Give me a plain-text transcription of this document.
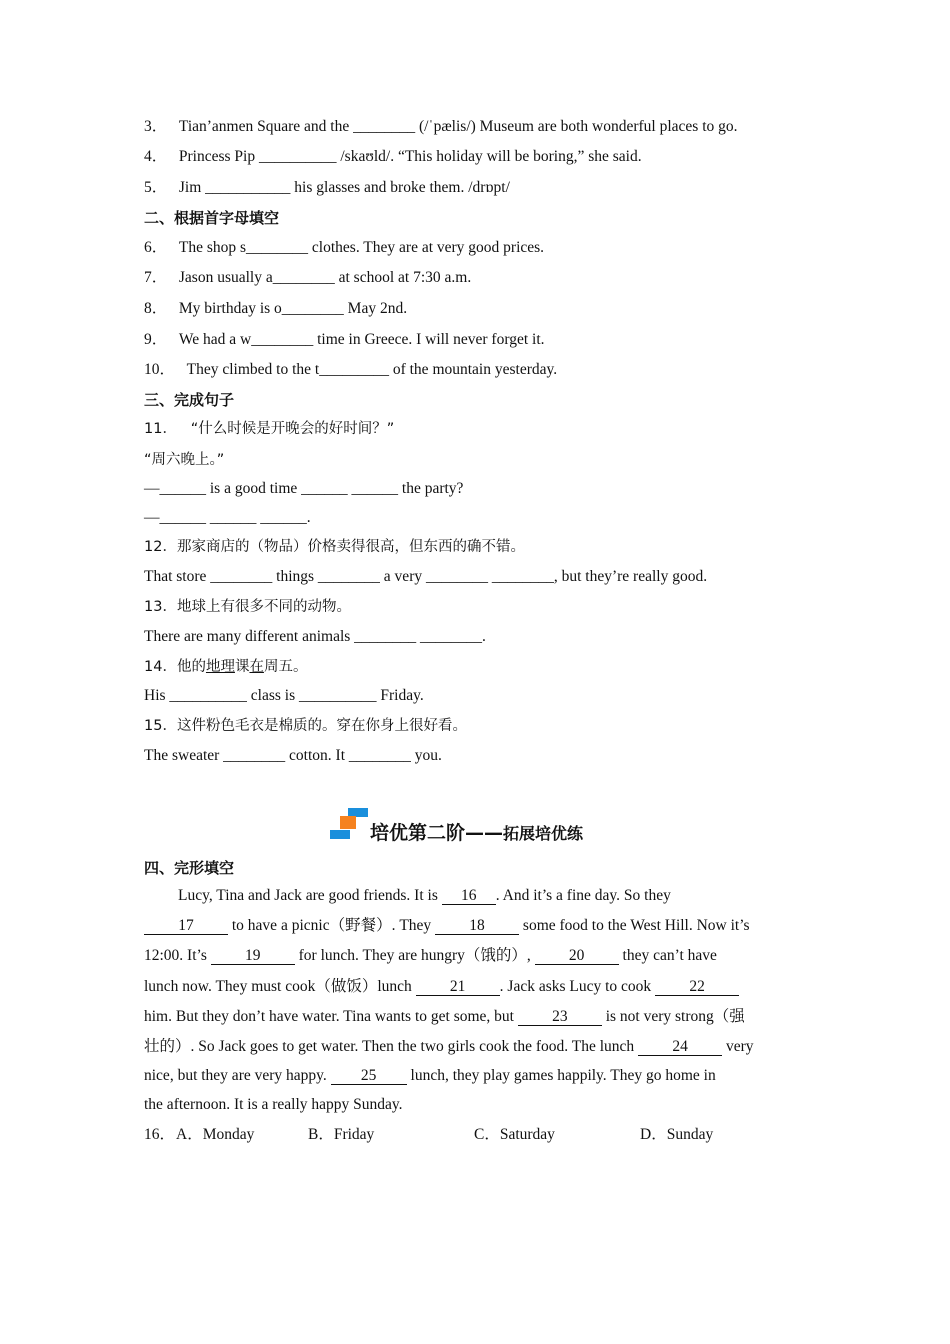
3． Tian’anmen Square and the ________ (/ˈpælis/) Museum are both wonderful places to go.
4． Princess Pip __________ /skaʊld/. “This holiday will be boring,” she said.
5． Jim ___________ his glasses and broke them. /drɒpt/
二、根据首字母填空
6． The shop s________ clothes. They are at very good prices.
7． Jason usually a________ at school at 7:30 a.m.
8． My birthday is o________ May 2nd.
9． We had a w________ time in Greece. I will never forget it.
10． They climbed to the t_________ of the mountain yesterday.
三、完成句子
11． “什么时候是开晚会的好时间？”
“周六晚上。”
—______ is a good time ______ ______ the party?
—______ ______ ______.
12．那家商店的（物品）价格卖得很高，但东西的确不错。
That store ________ things ________ a very ________ ________, but they’re really good.
13．地球上有很多不同的动物。
There are many different animals ________ ________.
14．他的地理课在周五。
His __________ class is __________ Friday.
15．这件粉色毛衣是棉质的。穿在你身上很好看。
The sweater ________ cotton. It ________ you.
培优第二阶——拓展培优练
四、完形填空
Lucy, Tina and Jack are good friends. It is 16 . And it’s a fine day. So they
17 to have a picnic（野餐）. They 18 some food to the West Hill. Now it’s
12:00. It’s 19 for lunch. They are hungry（饿的）, 20 they can’t have
lunch now. They must cook（做饭）lunch 21 . Jack asks Lucy to cook 22
him. But they don’t have water. Tina wants to get some, but 23 is not very strong（强
壮的）. So Jack goes to get water. Then the two girls cook the food. The lunch 24 very
nice, but they are very happy. 25 lunch, they play games happily. They go home in
the afternoon. It is a really happy Sunday.
16． A．Monday	B．Friday	C．Saturday	D．Sunday
